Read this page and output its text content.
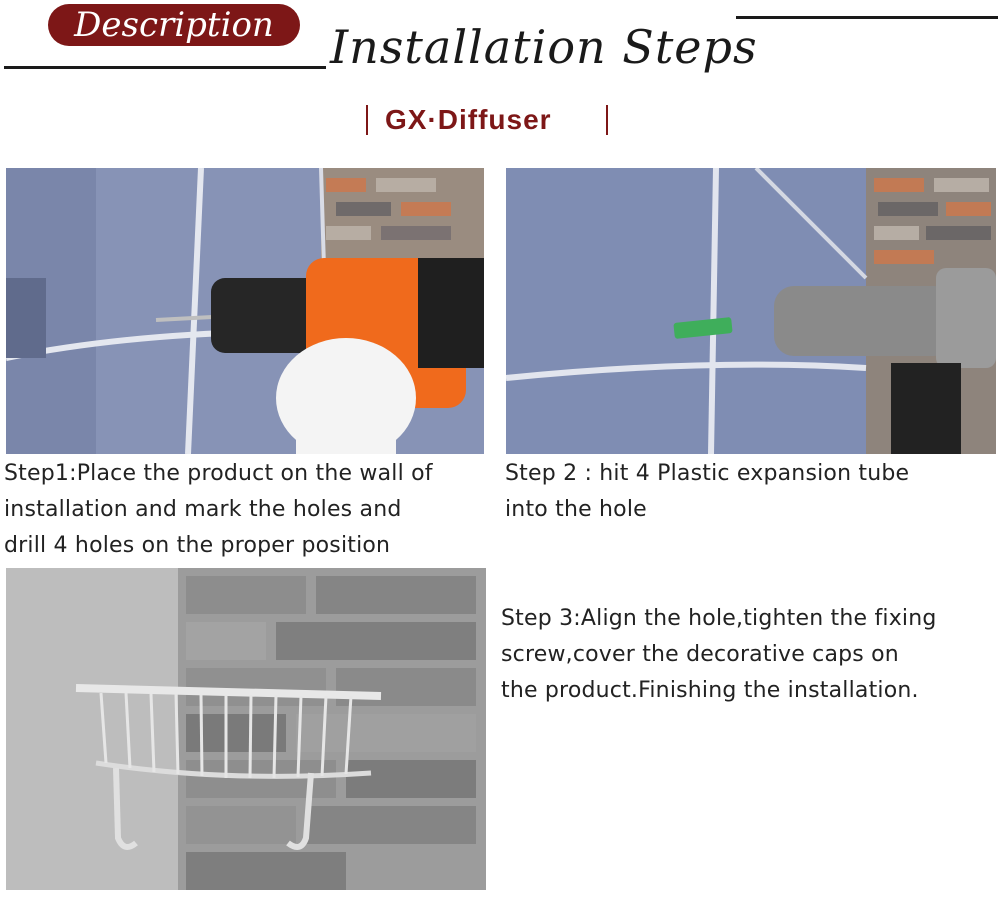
Description	Installation Steps
GX·Diffuser
Step1:Place the product on the wall of
installation and mark the holes and
drill 4 holes on the proper position
Step 2 : hit 4 Plastic expansion tube
into the hole
Step 3:Align the hole,tighten the fixing
screw,cover the decorative caps on
the product.Finishing the installation.
